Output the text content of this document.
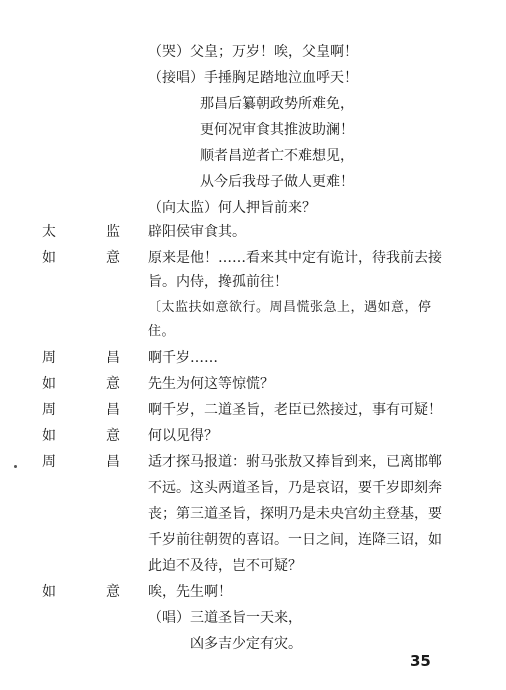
（哭）父皇；万岁！唉，父皇啊！
（接唱）手捶胸足踏地泣血呼天！
那昌后纂朝政势所难免，
更何况审食其推波助澜！
顺者昌逆者亡不难想见，
从今后我母子做人更难！
（向太监）何人押旨前来？
太	监 辟阳侯审食其。
如	意 原来是他！……看来其中定有诡计，待我前去接
旨。内侍，搀孤前往！
〔太监扶如意欲行。周昌慌张急上，遇如意，停
住。
周	昌 啊千岁……
如	意 先生为何这等惊慌？
周	昌 啊千岁，二道圣旨，老臣已然接过，事有可疑！
如	意 何以见得？
周	昌 适才探马报道：驸马张敖又捧旨到来，已离邯郸
不远。这头两道圣旨，乃是哀诏，要千岁即刻奔
丧；第三道圣旨，探明乃是未央宫幼主登基，要
千岁前往朝贺的喜诏。一日之间，连降三诏，如
此迫不及待，岂不可疑？
如	意 唉，先生啊！
（唱）三道圣旨一天来，
凶多吉少定有灾。
35
